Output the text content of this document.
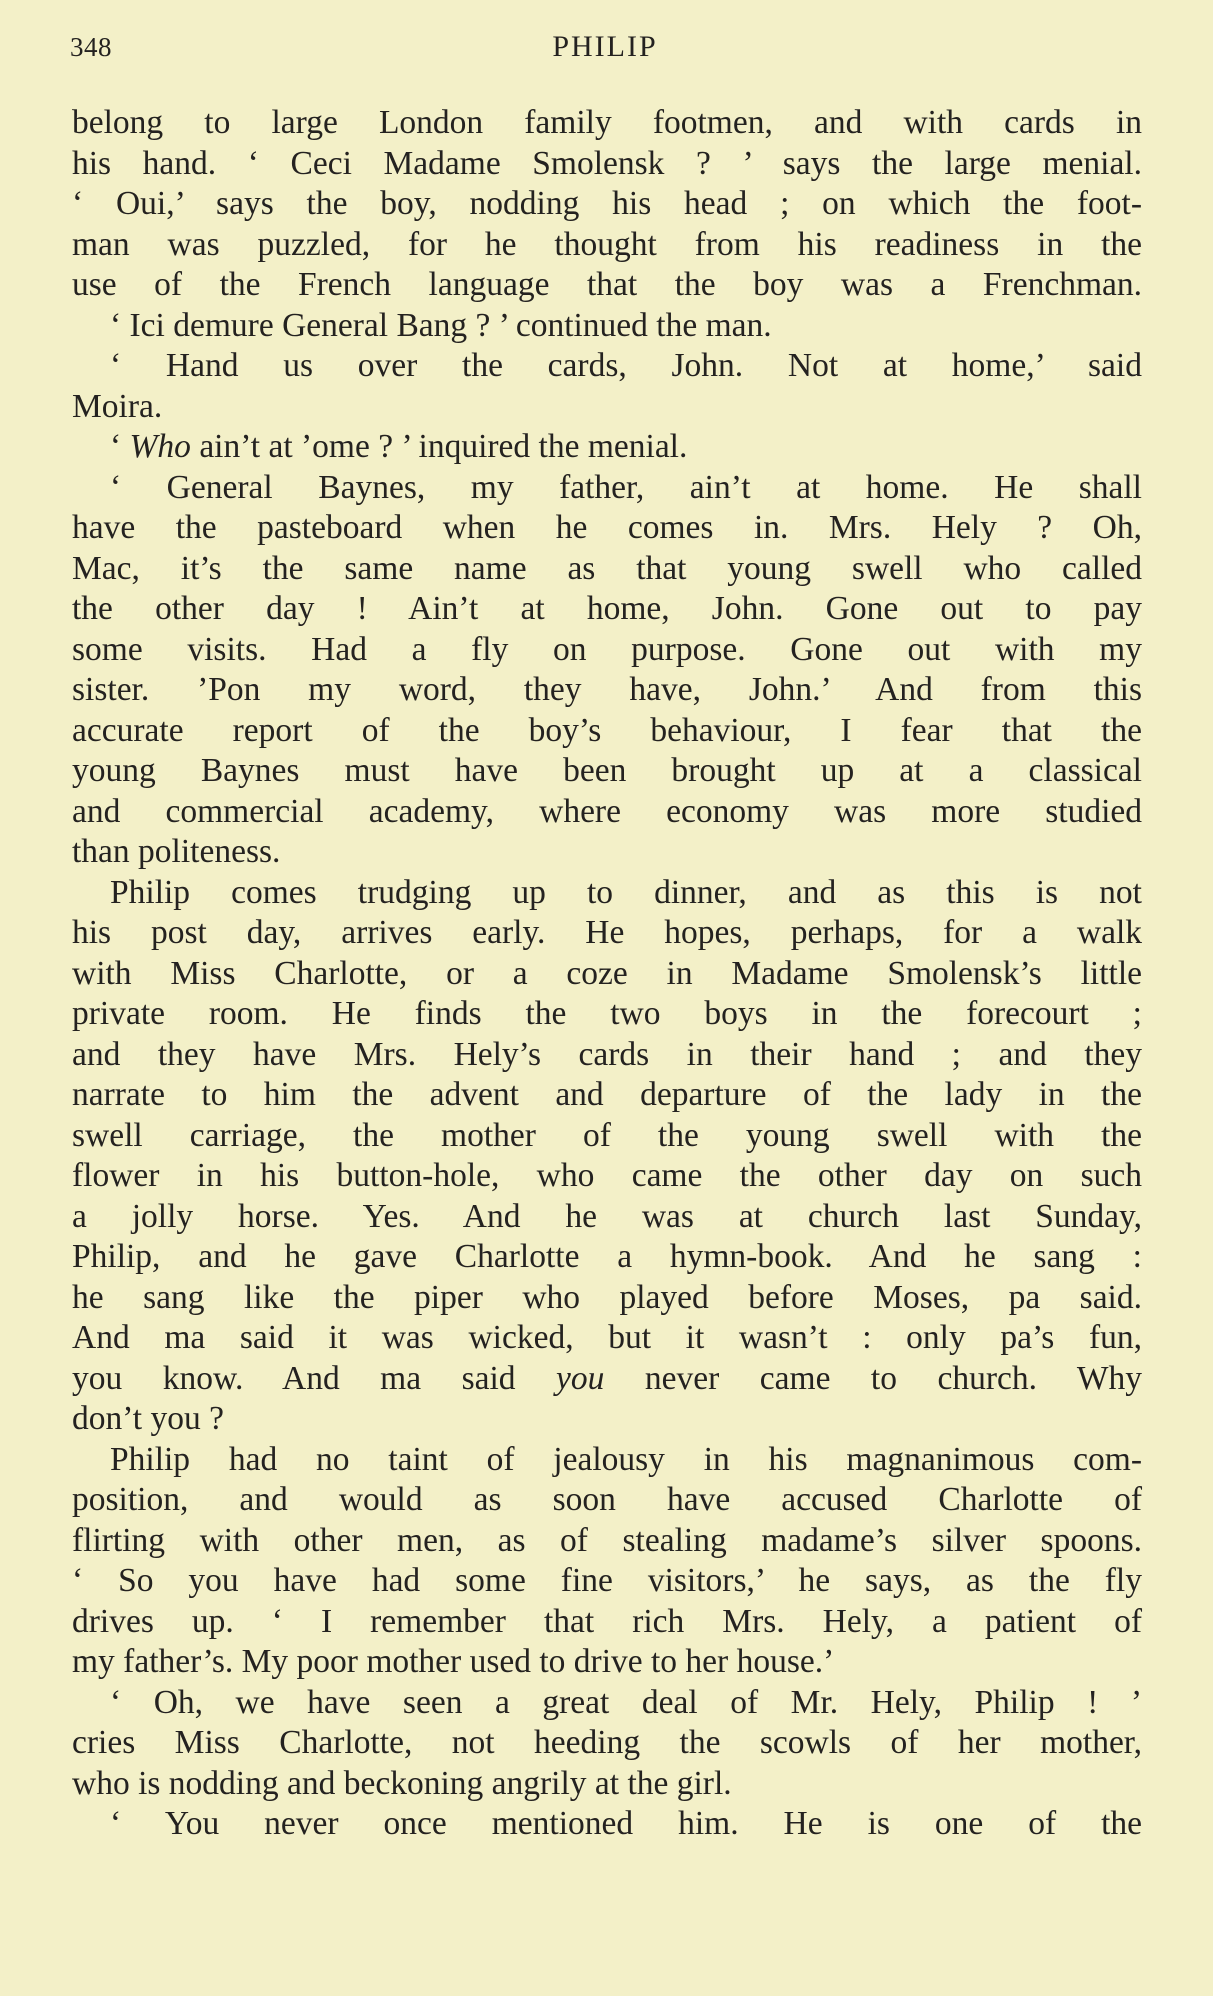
348	PHILIP
belong to large London family footmen, and with cards in
his hand. ‘ Ceci Madame Smolensk ? ’ says the large menial.
‘ Oui,’ says the boy, nodding his head ; on which the foot-
man was puzzled, for he thought from his readiness in the
use of the French language that the boy was a Frenchman.
‘ Ici demure General Bang ? ’ continued the man.
‘ Hand us over the cards, John. Not at home,’ said
Moira.
‘ Who ain’t at ’ome ? ’ inquired the menial.
‘ General Baynes, my father, ain’t at home. He shall
have the pasteboard when he comes in. Mrs. Hely ? Oh,
Mac, it’s the same name as that young swell who called
the other day ! Ain’t at home, John. Gone out to pay
some visits. Had a fly on purpose. Gone out with my
sister. ’Pon my word, they have, John.’ And from this
accurate report of the boy’s behaviour, I fear that the
young Baynes must have been brought up at a classical
and commercial academy, where economy was more studied
than politeness.
Philip comes trudging up to dinner, and as this is not
his post day, arrives early. He hopes, perhaps, for a walk
with Miss Charlotte, or a coze in Madame Smolensk’s little
private room. He finds the two boys in the forecourt ;
and they have Mrs. Hely’s cards in their hand ; and they
narrate to him the advent and departure of the lady in the
swell carriage, the mother of the young swell with the
flower in his button-hole, who came the other day on such
a jolly horse. Yes. And he was at church last Sunday,
Philip, and he gave Charlotte a hymn-book. And he sang :
he sang like the piper who played before Moses, pa said.
And ma said it was wicked, but it wasn’t : only pa’s fun,
you know. And ma said you never came to church. Why
don’t you ?
Philip had no taint of jealousy in his magnanimous com-
position, and would as soon have accused Charlotte of
flirting with other men, as of stealing madame’s silver spoons.
‘ So you have had some fine visitors,’ he says, as the fly
drives up. ‘ I remember that rich Mrs. Hely, a patient of
my father’s. My poor mother used to drive to her house.’
‘ Oh, we have seen a great deal of Mr. Hely, Philip ! ’
cries Miss Charlotte, not heeding the scowls of her mother,
who is nodding and beckoning angrily at the girl.
‘ You never once mentioned him. He is one of the
